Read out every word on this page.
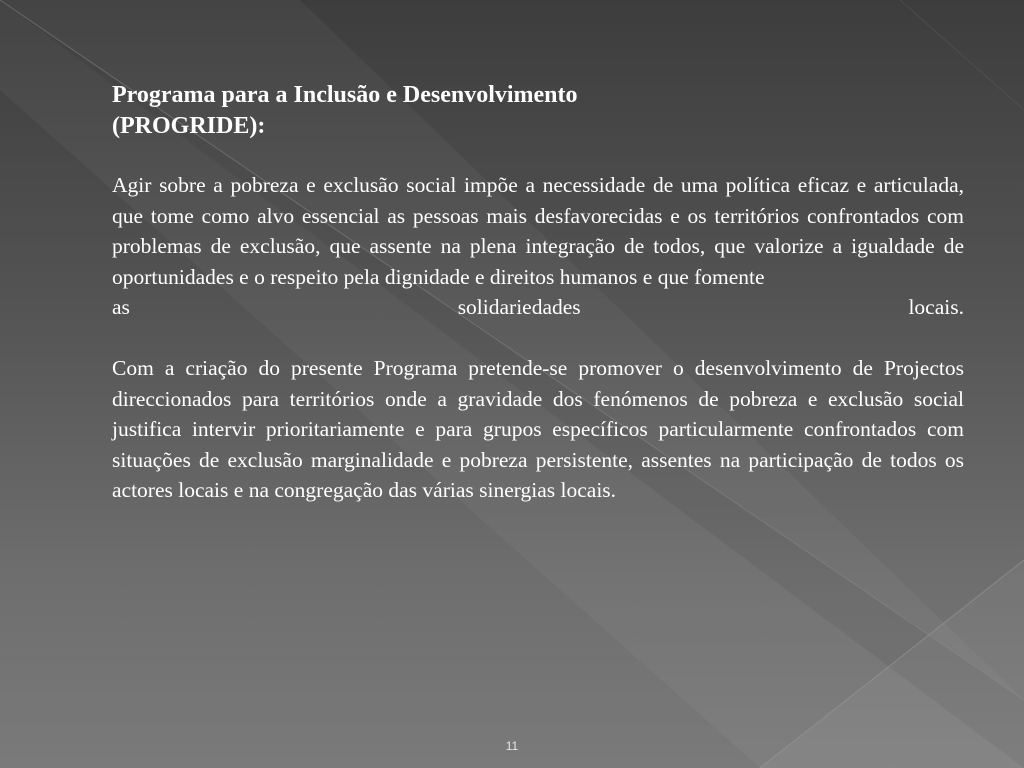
Programa para a Inclusão e Desenvolvimento
(PROGRIDE):
Agir sobre a pobreza e exclusão social impõe a necessidade de uma política eficaz e articulada, que tome como alvo essencial as pessoas mais desfavorecidas e os territórios confrontados com problemas de exclusão, que assente na plena integração de todos, que valorize a igualdade de oportunidades e o respeito pela dignidade e direitos humanos e que fomente
as	solidariedades	locais.

Com a criação do presente Programa pretende-se promover o desenvolvimento de Projectos direccionados para territórios onde a gravidade dos fenómenos de pobreza e exclusão social justifica intervir prioritariamente e para grupos específicos particularmente confrontados com situações de exclusão marginalidade e pobreza persistente, assentes na participação de todos os actores locais e na congregação das várias sinergias locais.

11
